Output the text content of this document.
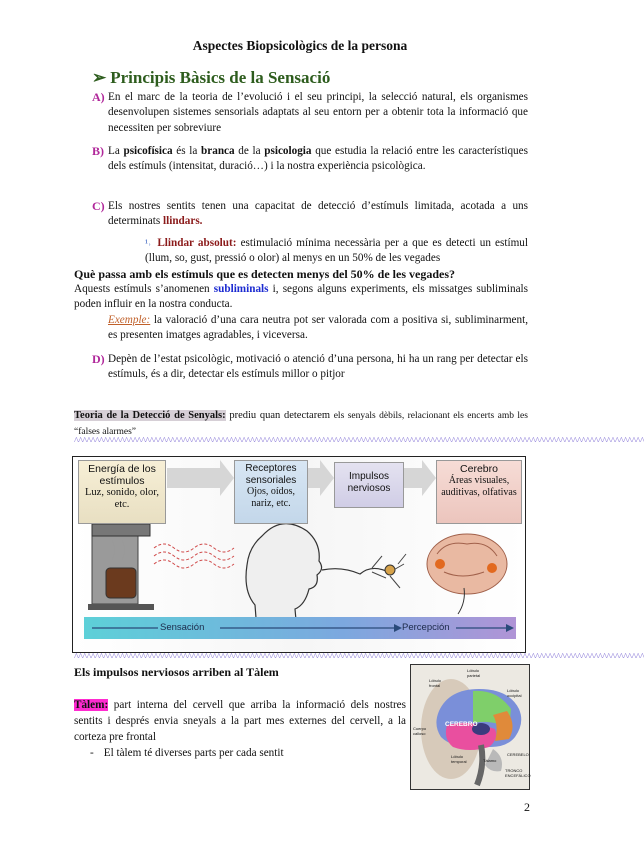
Aspectes Biopsicològics de la persona
➢ Principis Bàsics de la Sensació
A) En el marc de la teoria de l’evolució i el seu principi, la selecció natural, els organismes desenvolupen sistemes sensorials adaptats al seu entorn per a obtenir tota la informació que necessiten per sobreviure
B) La psicofísica és la branca de la psicologia que estudia la relació entre les característiques dels estímuls (intensitat, duració…) i la nostra experiència psicològica.
C) Els nostres sentits tenen una capacitat de detecció d’estímuls limitada, acotada a uns determinats llindars.
¹˒ Llindar absolut: estimulació mínima necessària per a que es detecti un estímul (llum, so, gust, pressió o olor) al menys en un 50% de les vegades
Què passa amb els estímuls que es detecten menys del 50% de les vegades?
Aquests estímuls s’anomenen subliminals i, segons alguns experiments, els missatges subliminals poden influir en la nostra conducta.
Exemple: la valoració d’una cara neutra pot ser valorada com a positiva si, subliminarment, es presenten imatges agradables, i viceversa.
D) Depèn de l’estat psicològic, motivació o atenció d’una persona, hi ha un rang per detectar els estímuls, és a dir, detectar els estímuls millor o pitjor
Teoria de la Detecció de Senyals: prediu quan detectarem els senyals dèbils, relacionant els encerts amb les “falses alarmes”
^^^^^^^^^^^^^^^^^^^^^^^^^^^^^^^^^^^^^^^^^^^^^^^^^^^^^^^^^^^^^^^^^^^^^^^^^^^^^^^^^^^^^^^^^^^^^^^^^^^^^^^^^^^^^^^^^^^^^^^^^^^^^^^^^^^^^^^^
Energía de los estímulos
Luz, sonido, olor, etc.
Receptores sensoriales
Ojos, oídos, nariz, etc.
Impulsos nerviosos
Cerebro
Áreas visuales, auditivas, olfativas
Sensación	Percepción
^^^^^^^^^^^^^^^^^^^^^^^^^^^^^^^^^^^^^^^^^^^^^^^^^^^^^^^^^^^^^^^^^^^^^^^^^^^^^^^^^^^^^^^^^^^^^^^^^^^^^^^^^^^^^^^^^^^^^^^^^^^^^^^^^^^^^^^^
Els impulsos nerviosos arriben al Tàlem
Tàlem: part interna del cervell que arriba la informació dels nostres sentits i després envia sneyals a la part mes externes del cervell, a la corteza pre frontal
- El tàlem té diverses parts per cada sentit
CEREBRO
Lóbulo frontal
Lóbulo parietal
Lóbulo occipital
Cuerpo calloso
Lóbulo temporal	Tálamo
CEREBELO
TRONCO ENCEFÁLICO
2
